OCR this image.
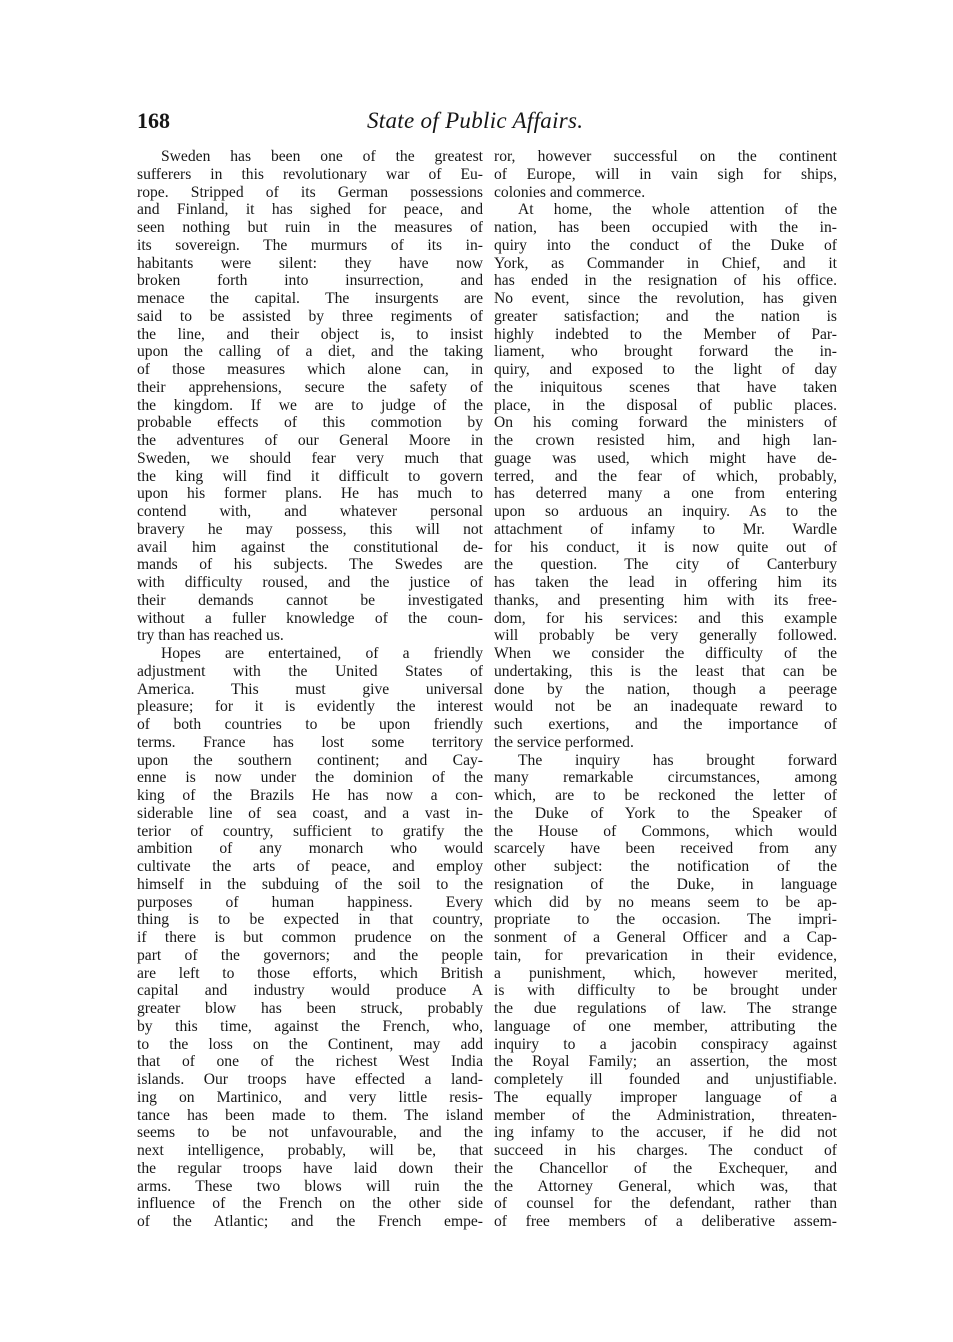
168	State of Public Affairs.

Sweden has been one of the greatest
sufferers in this revolutionary war of Eu-
rope. Stripped of its German possessions
and Finland, it has sighed for peace, and
seen nothing but ruin in the measures of
its sovereign. The murmurs of its in-
habitants were silent: they have now
broken forth into insurrection, and
menace the capital. The insurgents are
said to be assisted by three regiments of
the line, and their object is, to insist
upon the calling of a diet, and the taking
of those measures which alone can, in
their apprehensions, secure the safety of
the kingdom. If we are to judge of the
probable effects of this commotion by
the adventures of our General Moore in
Sweden, we should fear very much that
the king will find it difficult to govern
upon his former plans. He has much to
contend with, and whatever personal
bravery he may possess, this will not
avail him against the constitutional de-
mands of his subjects. The Swedes are
with difficulty roused, and the justice of
their demands cannot be investigated
without a fuller knowledge of the coun-
try than has reached us.

Hopes are entertained, of a friendly
adjustment with the United States of
America. This must give universal
pleasure; for it is evidently the interest
of both countries to be upon friendly
terms. France has lost some territory
upon the southern continent; and Cay-
enne is now under the dominion of the
king of the Brazils He has now a con-
siderable line of sea coast, and a vast in-
terior of country, sufficient to gratify the
ambition of any monarch who would
cultivate the arts of peace, and employ
himself in the subduing of the soil to the
purposes of human happiness. Every
thing is to be expected in that country,
if there is but common prudence on the
part of the governors; and the people
are left to those efforts, which British
capital and industry would produce A
greater blow has been struck, probably
by this time, against the French, who,
to the loss on the Continent, may add
that of one of the richest West India
islands. Our troops have effected a land-
ing on Martinico, and very little resis-
tance has been made to them. The island
seems to be not unfavourable, and the
next intelligence, probably, will be, that
the regular troops have laid down their
arms. These two blows will ruin the
influence of the French on the other side
of the Atlantic; and the French empe-

ror, however successful on the continent
of Europe, will in vain sigh for ships,
colonies and commerce.

At home, the whole attention of the
nation, has been occupied with the in-
quiry into the conduct of the Duke of
York, as Commander in Chief, and it
has ended in the resignation of his office.
No event, since the revolution, has given
greater satisfaction; and the nation is
highly indebted to the Member of Par-
liament, who brought forward the in-
quiry, and exposed to the light of day
the iniquitous scenes that have taken
place, in the disposal of public places.
On his coming forward the ministers of
the crown resisted him, and high lan-
guage was used, which might have de-
terred, and the fear of which, probably,
has deterred many a one from entering
upon so arduous an inquiry. As to the
attachment of infamy to Mr. Wardle
for his conduct, it is now quite out of
the question. The city of Canterbury
has taken the lead in offering him its
thanks, and presenting him with its free-
dom, for his services: and this example
will probably be very generally followed.
When we consider the difficulty of the
undertaking, this is the least that can be
done by the nation, though a peerage
would not be an inadequate reward to
such exertions, and the importance of
the service performed.

The inquiry has brought forward
many remarkable circumstances, among
which, are to be reckoned the letter of
the Duke of York to the Speaker of
the House of Commons, which would
scarcely have been received from any
other subject: the notification of the
resignation of the Duke, in language
which did by no means seem to be ap-
propriate to the occasion. The impri-
sonment of a General Officer and a Cap-
tain, for prevarication in their evidence,
a punishment, which, however merited,
is with difficulty to be brought under
the due regulations of law. The strange
language of one member, attributing the
inquiry to a jacobin conspiracy against
the Royal Family; an assertion, the most
completely ill founded and unjustifiable.
The equally improper language of a
member of the Administration, threaten-
ing infamy to the accuser, if he did not
succeed in his charges. The conduct of
the Chancellor of the Exchequer, and
the Attorney General, which was, that
of counsel for the defendant, rather than
of free members of a deliberative assem-
